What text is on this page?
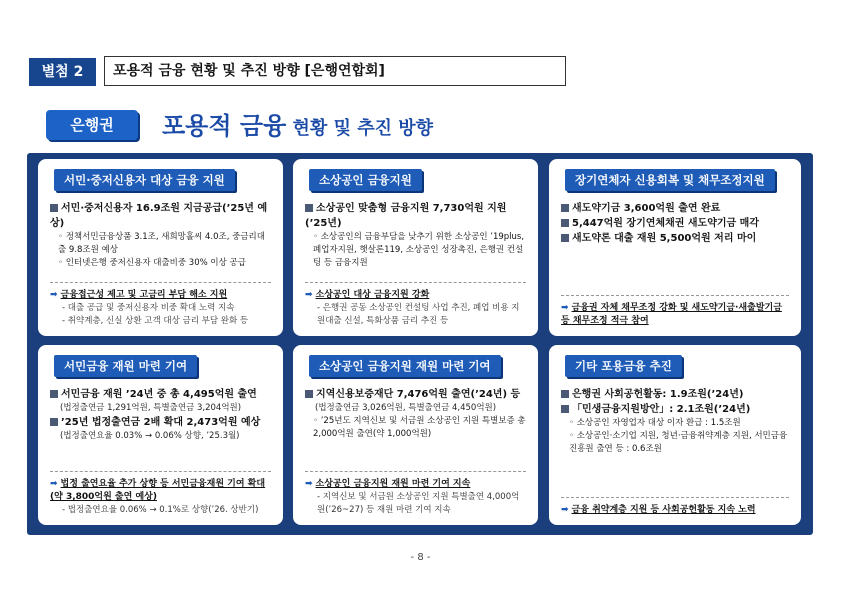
별첨 2	포용적 금융 현황 및 추진 방향 [은행연합회]
은행권	포용적 금융 현황 및 추진 방향
서민·중저신용자 대상 금융 지원
서민·중저신용자 16.9조원 지금공급(’25년 예상)
◦ 정책서민금융상품 3.1조, 새희망홀씨 4.0조, 중금리대출 9.8조원 예상
◦ 인터넷은행 중저신용자 대출비중 30% 이상 공급
➡ 금융접근성 제고 및 고금리 부담 해소 지원
- 대출 공급 및 중저신용자 비중 확대 노력 지속
- 취약계층, 신실 상환 고객 대상 금리 부담 완화 등
소상공인 금융지원
소상공인 맞춤형 금융지원 7,730억원 지원(’25년)
◦ 소상공인의 금융부담을 낮추기 위한 소상공인 ’19plus, 폐업자지원, 햇살론119, 소상공인 성장촉진, 은행권 컨설팅 등 금융지원
➡ 소상공인 대상 금융지원 강화
- 은행권 공동 소상공인 컨설팅 사업 추진, 폐업 비용 지원대출 신설, 특화상품 금리 추진 등
장기연체자 신용회복 및 채무조정지원
새도약기금 3,600억원 출연 완료
5,447억원 장기연체채권 새도약기금 매각
새도약론 대출 재원 5,500억원 저리 마이
➡ 금융권 자체 채무조정 강화 및 새도약기금·새출발기금 등 채무조정 적극 참여
서민금융 재원 마련 기여
서민금융 재원 ’24년 중 총 4,495억원 출연
(법정출연금 1,291억원, 특별출연금 3,204억원)
’25년 법정출연금 2배 확대 2,473억원 예상
(법정출연요율 0.03% → 0.06% 상향, ’25.3월)
➡ 법정 출연요율 추가 상향 등 서민금융재원 기여 확대(약 3,800억원 출연 예상)
- 법정출연요율 0.06% → 0.1%로 상향(’26. 상반기)
소상공인 금융지원 재원 마련 기여
지역신용보증재단 7,476억원 출연(’24년) 등
(법정출연금 3,026억원, 특별출연금 4,450억원)
◦ ’25년도 지역신보 및 서금원 소상공인 지원 특별보증 총 2,000억원 출연(약 1,000억원)
➡ 소상공인 금융지원 재원 마련 기여 지속
- 지역신보 및 서금원 소상공인 지원 특별출연 4,000억원(’26~27) 등 재원 마련 기여 지속
기타 포용금융 추진
은행권 사회공헌활동: 1.9조원(’24년)
「민생금융지원방안」: 2.1조원(’24년)
◦ 소상공인 자영업자 대상 이자 환급 : 1.5조원
◦ 소상공인·소기업 지원, 청년·금융취약계층 지원, 서민금융진흥원 출연 등 : 0.6조원
➡ 금융 취약계층 지원 등 사회공헌활동 지속 노력
- 8 -
